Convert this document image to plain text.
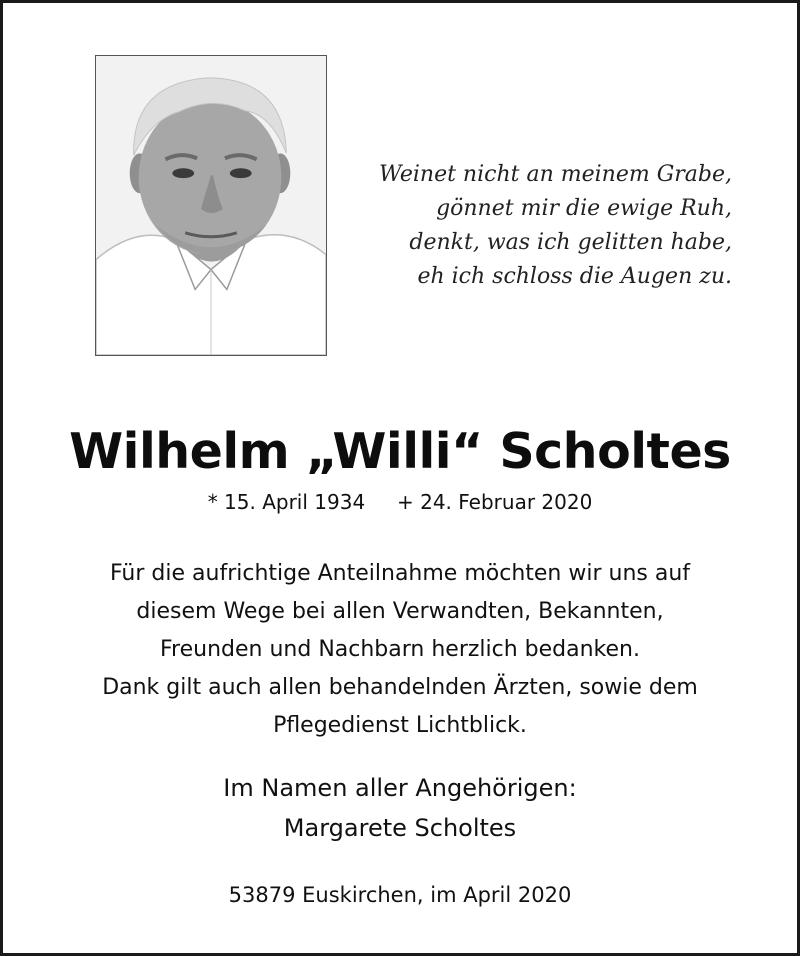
Weinet nicht an meinem Grabe,
gönnet mir die ewige Ruh,
denkt, was ich gelitten habe,
eh ich schloss die Augen zu.
Wilhelm „Willi“ Scholtes
* 15. April 1934 + 24. Februar 2020
Für die aufrichtige Anteilnahme möchten wir uns auf
diesem Wege bei allen Verwandten, Bekannten,
Freunden und Nachbarn herzlich bedanken.
Dank gilt auch allen behandelnden Ärzten, sowie dem
Pflegedienst Lichtblick.
Im Namen aller Angehörigen:
Margarete Scholtes
53879 Euskirchen, im April 2020
